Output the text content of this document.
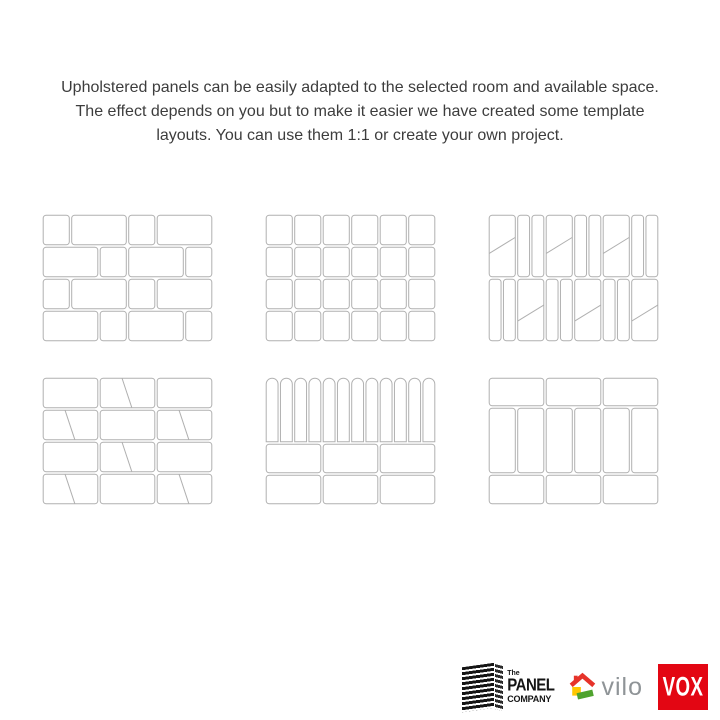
Upholstered panels can be easily adapted to the selected room and available space. The effect depends on you but to make it easier we have created some template layouts. You can use them 1:1 or create your own project.

The
PANEL
COMPANY vilo VOX
